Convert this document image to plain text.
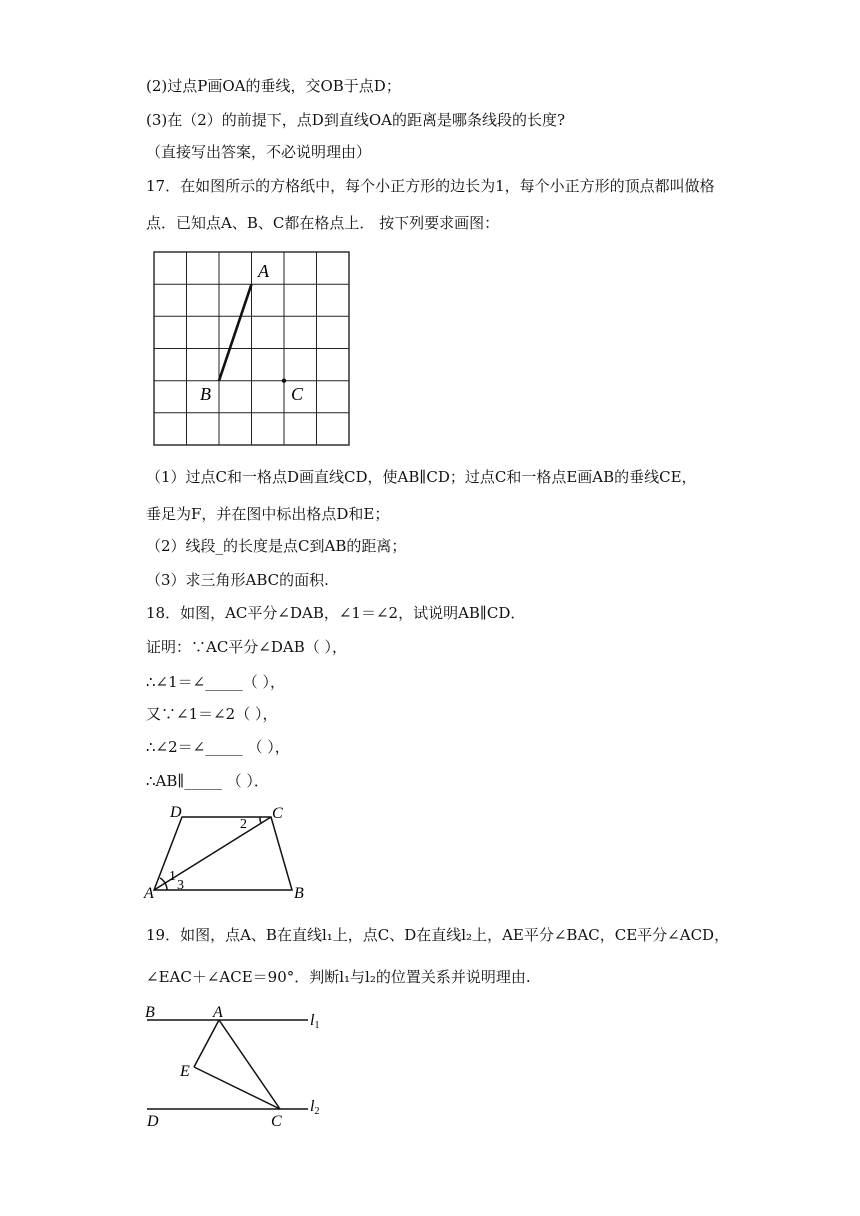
(2)过点P画OA的垂线，交OB于点D；
(3)在（2）的前提下，点D到直线OA的距离是哪条线段的长度?
（直接写出答案，不必说明理由）
17．在如图所示的方格纸中，每个小正方形的边长为1，每个小正方形的顶点都叫做格
点．已知点A、B、C都在格点上． 按下列要求画图：
A
B	C
（1）过点C和一格点D画直线CD，使AB∥CD；过点C和一格点E画AB的垂线CE，
垂足为F，并在图中标出格点D和E；
（2）线段_的长度是点C到AB的距离；
（3）求三角形ABC的面积.
18．如图，AC平分∠DAB，∠1＝∠2，试说明AB∥CD．
证明：∵AC平分∠DAB（ ），
∴∠1＝∠_____（ ），
又∵∠1＝∠2（ ），
∴∠2＝∠_____ （ ），
∴AB∥_____ （ ）．
D	C
A	B
1
2
3
19．如图，点A、B在直线l₁上，点C、D在直线l₂上，AE平分∠BAC，CE平分∠ACD，
∠EAC＋∠ACE＝90°．判断l₁与l₂的位置关系并说明理由.
B	A
E
D	C
l1
l2
